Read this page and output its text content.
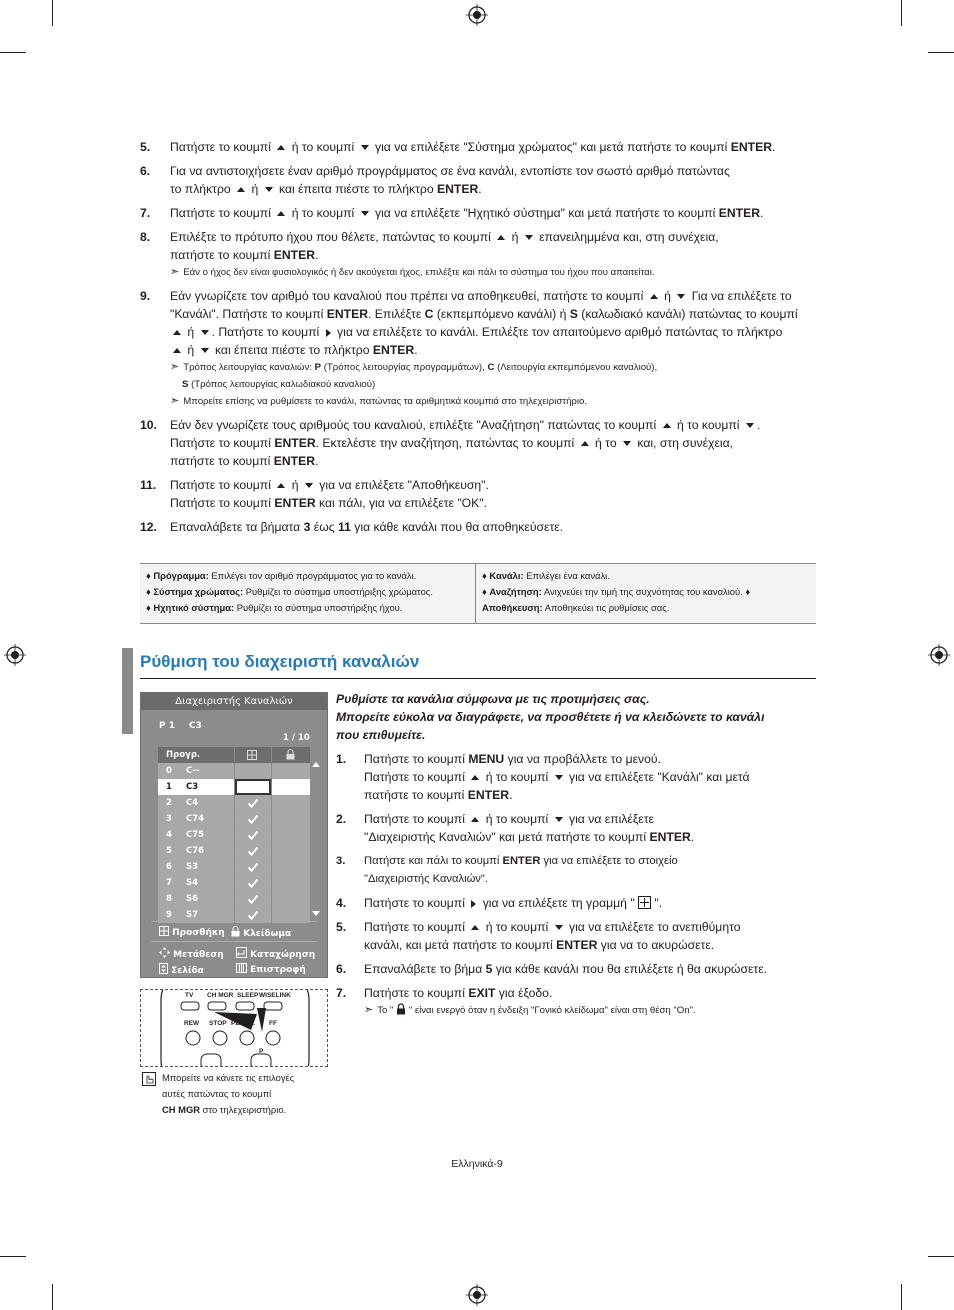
5. Πατήστε το κουμπί  ή το κουμπί  για να επιλέξετε "Σύστημα χρώματος" και μετά πατήστε το κουμπί ENTER.
6. Για να αντιστοιχήσετε έναν αριθμό προγράμματος σε ένα κανάλι, εντοπίστε τον σωστό αριθμό πατώντας
το πλήκτρο  ή  και έπειτα πιέστε το πλήκτρο ENTER.
7. Πατήστε το κουμπί  ή το κουμπί  για να επιλέξετε "Ηχητικό σύστημα" και μετά πατήστε το κουμπί ENTER.
8. Επιλέξτε το πρότυπο ήχου που θέλετε, πατώντας το κουμπί  ή  επανειλημμένα και, στη συνέχεια,
πατήστε το κουμπί ENTER.
➣ Εάν ο ήχος δεν είναι φυσιολογικός ή δεν ακούγεται ήχος, επιλέξτε και πάλι το σύστημα του ήχου που απαιτείται.
9. Εάν γνωρίζετε τον αριθμό του καναλιού που πρέπει να αποθηκευθεί, πατήστε το κουμπί  ή  Για να επιλέξετε το
"Κανάλι". Πατήστε το κουμπί ENTER. Επιλέξτε C (εκπεμπόμενο κανάλι) ή S (καλωδιακό κανάλι) πατώντας το κουμπί
ή . Πατήστε το κουμπί  για να επιλέξετε το κανάλι. Επιλέξτε τον απαιτούμενο αριθμό πατώντας το πλήκτρο
ή  και έπειτα πιέστε το πλήκτρο ENTER.
➣ Τρόπος λειτουργίας καναλιών: P (Τρόπος λειτουργίας προγραμμάτων), C (Λειτουργία εκπεμπόμενου καναλιού),
S (Τρόπος λειτουργίας καλωδιακού καναλιού)
➣ Μπορείτε επίσης να ρυθμίσετε το κανάλι, πατώντας τα αριθμητικά κουμπιά στο τηλεχειριστήριο.
10. Εάν δεν γνωρίζετε τους αριθμούς του καναλιού, επιλέξτε "Αναζήτηση" πατώντας το κουμπί  ή το κουμπί .
Πατήστε το κουμπί ENTER. Εκτελέστε την αναζήτηση, πατώντας το κουμπί  ή το  και, στη συνέχεια,
πατήστε το κουμπί ENTER.
11. Πατήστε το κουμπί  ή  για να επιλέξετε "Αποθήκευση".
Πατήστε το κουμπί ENTER και πάλι, για να επιλέξετε "OK".
12. Επαναλάβετε τα βήματα 3 έως 11 για κάθε κανάλι που θα αποθηκεύσετε.
♦ Πρόγραμμα: Επιλέγει τον αριθμό προγράμματος για το κανάλι.
♦ Σύστημα χρώματος: Ρυθμίζει το σύστημα υποστήριξης χρώματος.
♦ Ηχητικό σύστημα: Ρυθμίζει το σύστημα υποστήριξης ήχου.
♦ Κανάλι: Επιλέγει ένα κανάλι.
♦ Αναζήτηση: Ανιχνεύει την τιμή της συχνότητας του καναλιού. ♦
Αποθήκευση: Αποθηκεύει τις ρυθμίσεις σας.
Ρύθμιση του διαχειριστή καναλιών
Διαχειριστής Καναλιών
P 1 C3
1 / 10
Προγρ.
0 C--
1 C3
2 C4
3 C74
4 C75
5 C76
6 S3
7 S4
8 S6
9 S7
Προσθήκη	Κλείδωμα
Μετάθεση	Καταχώρηση
Σελίδα	Επιστροφή
TV CH MGR SLEEP WISELINK
REW STOP PLAY/... FF
P
Μπορείτε να κάνετε τις επιλογές
αυτές πατώντας το κουμπί
CH MGR στο τηλεχειριστήριο.
Ρυθμίστε τα κανάλια σύμφωνα με τις προτιμήσεις σας.
Μπορείτε εύκολα να διαγράφετε, να προσθέτετε ή να κλειδώνετε το κανάλι
που επιθυμείτε.
1. Πατήστε το κουμπί MENU για να προβάλλετε το μενού.
Πατήστε το κουμπί  ή το κουμπί  για να επιλέξετε "Κανάλι" και μετά
πατήστε το κουμπί ENTER.
2. Πατήστε το κουμπί  ή το κουμπί  για να επιλέξετε
"Διαχειριστής Καναλιών" και μετά πατήστε το κουμπί ENTER.
3. Πατήστε και πάλι το κουμπί ENTER για να επιλέξετε το στοιχείο
"Διαχειριστής Καναλιών".
4. Πατήστε το κουμπί  για να επιλέξετε τη γραμμή "  ".
5. Πατήστε το κουμπί  ή το κουμπί  για να επιλέξετε το ανεπιθύμητο
κανάλι, και μετά πατήστε το κουμπί ENTER για να το ακυρώσετε.
6. Επαναλάβετε το βήμα 5 για κάθε κανάλι που θα επιλέξετε ή θα ακυρώσετε.
7. Πατήστε το κουμπί EXIT για έξοδο.
➣ Το "  " είναι ενεργό όταν η ένδειξη "Γονικό κλείδωμα" είναι στη θέση "On".
Ελληνικά-9
